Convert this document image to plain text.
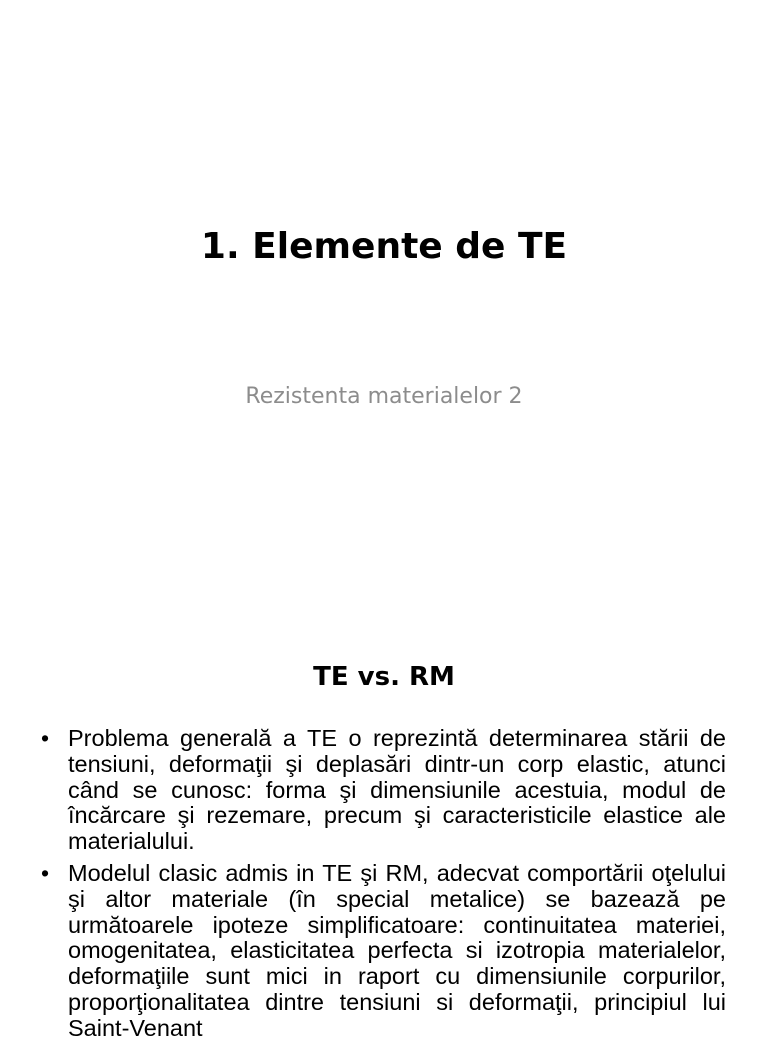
1. Elemente de TE

Rezistenta materialelor 2

TE vs. RM
• Problema generală a TE o reprezintă determinarea stării de tensiuni, deformaţii şi deplasări dintr-un corp elastic, atunci când se cunosc: forma şi dimensiunile acestuia, modul de încărcare şi rezemare, precum şi caracteristicile elastice ale materialului.
• Modelul clasic admis in TE şi RM, adecvat comportării oţelului şi altor materiale (în special metalice) se bazează pe următoarele ipoteze simplificatoare: continuitatea materiei, omogenitatea, elasticitatea perfecta si izotropia materialelor, deformaţiile sunt mici in raport cu dimensiunile corpurilor, proporţionalitatea dintre tensiuni si deformaţii, principiul lui Saint-Venant
